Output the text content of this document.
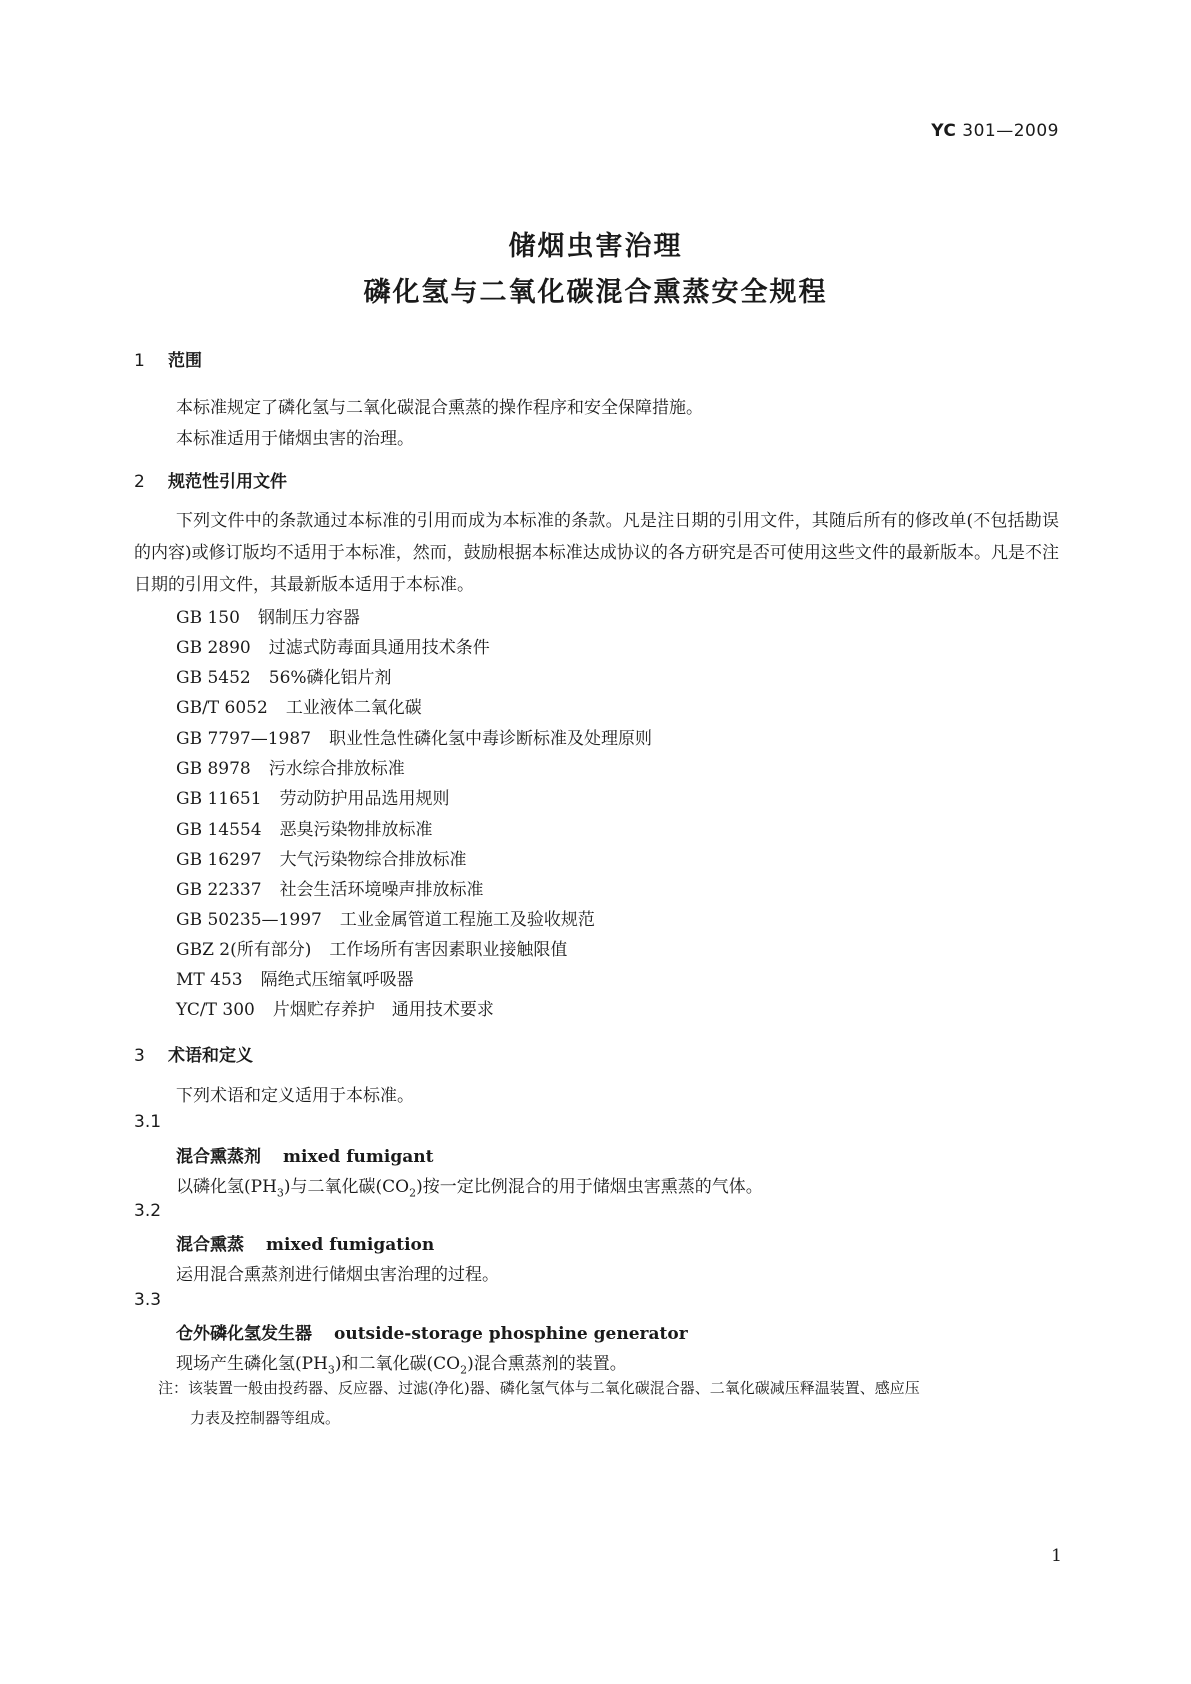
YC 301—2009
储烟虫害治理
磷化氢与二氧化碳混合熏蒸安全规程
1 范围
本标准规定了磷化氢与二氧化碳混合熏蒸的操作程序和安全保障措施。
本标准适用于储烟虫害的治理。
2 规范性引用文件
下列文件中的条款通过本标准的引用而成为本标准的条款。凡是注日期的引用文件，其随后所有的修改单(不包括勘误的内容)或修订版均不适用于本标准，然而，鼓励根据本标准达成协议的各方研究是否可使用这些文件的最新版本。凡是不注日期的引用文件，其最新版本适用于本标准。
GB 150 钢制压力容器
GB 2890 过滤式防毒面具通用技术条件
GB 5452 56%磷化铝片剂
GB/T 6052 工业液体二氧化碳
GB 7797—1987 职业性急性磷化氢中毒诊断标准及处理原则
GB 8978 污水综合排放标准
GB 11651 劳动防护用品选用规则
GB 14554 恶臭污染物排放标准
GB 16297 大气污染物综合排放标准
GB 22337 社会生活环境噪声排放标准
GB 50235—1997 工业金属管道工程施工及验收规范
GBZ 2(所有部分) 工作场所有害因素职业接触限值
MT 453 隔绝式压缩氧呼吸器
YC/T 300 片烟贮存养护　通用技术要求
3 术语和定义
下列术语和定义适用于本标准。
3.1
混合熏蒸剂 mixed fumigant
以磷化氢$(PH_3)$与二氧化碳$(CO_2)$按一定比例混合的用于储烟虫害熏蒸的气体。
3.2
混合熏蒸 mixed fumigation
运用混合熏蒸剂进行储烟虫害治理的过程。
3.3
仓外磷化氢发生器 outside-storage phosphine generator
现场产生磷化氢$(PH_3)$和二氧化碳$(CO_2)$混合熏蒸剂的装置。
注：该装置一般由投药器、反应器、过滤(净化)器、磷化氢气体与二氧化碳混合器、二氧化碳减压释温装置、感应压
力表及控制器等组成。
1
